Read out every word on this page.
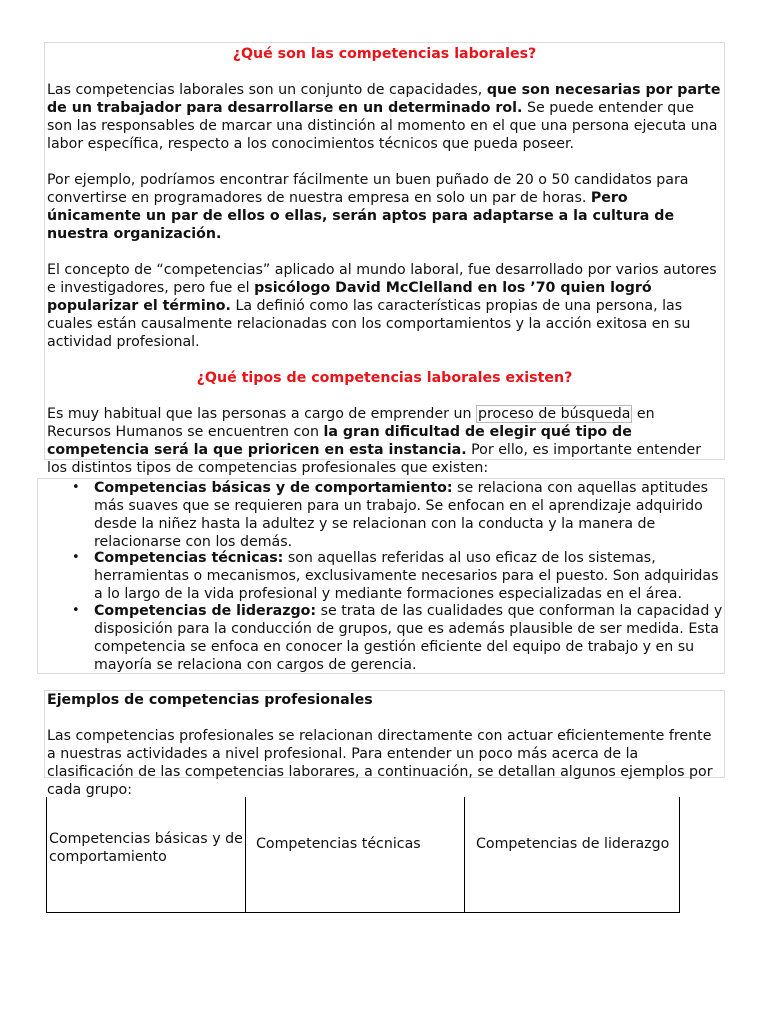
¿Qué son las competencias laborales?

Las competencias laborales son un conjunto de capacidades, que son necesarias por parte de un trabajador para desarrollarse en un determinado rol. Se puede entender que son las responsables de marcar una distinción al momento en el que una persona ejecuta una labor específica, respecto a los conocimientos técnicos que pueda poseer.

Por ejemplo, podríamos encontrar fácilmente un buen puñado de 20 o 50 candidatos para convertirse en programadores de nuestra empresa en solo un par de horas. Pero únicamente un par de ellos o ellas, serán aptos para adaptarse a la cultura de nuestra organización.

El concepto de “competencias” aplicado al mundo laboral, fue desarrollado por varios autores e investigadores, pero fue el psicólogo David McClelland en los ’70 quien logró popularizar el término. La definió como las características propias de una persona, las cuales están causalmente relacionadas con los comportamientos y la acción exitosa en su actividad profesional.

¿Qué tipos de competencias laborales existen?

Es muy habitual que las personas a cargo de emprender un proceso de búsqueda en Recursos Humanos se encuentren con la gran dificultad de elegir qué tipo de competencia será la que prioricen en esta instancia. Por ello, es importante entender los distintos tipos de competencias profesionales que existen:

• Competencias básicas y de comportamiento: se relaciona con aquellas aptitudes más suaves que se requieren para un trabajo. Se enfocan en el aprendizaje adquirido desde la niñez hasta la adultez y se relacionan con la conducta y la manera de relacionarse con los demás.
• Competencias técnicas: son aquellas referidas al uso eficaz de los sistemas, herramientas o mecanismos, exclusivamente necesarios para el puesto. Son adquiridas a lo largo de la vida profesional y mediante formaciones especializadas en el área.
• Competencias de liderazgo: se trata de las cualidades que conforman la capacidad y disposición para la conducción de grupos, que es además plausible de ser medida. Esta competencia se enfoca en conocer la gestión eficiente del equipo de trabajo y en su mayoría se relaciona con cargos de gerencia.

Ejemplos de competencias profesionales

Las competencias profesionales se relacionan directamente con actuar eficientemente frente a nuestras actividades a nivel profesional. Para entender un poco más acerca de la clasificación de las competencias laborares, a continuación, se detallan algunos ejemplos por cada grupo:

Competencias básicas y de comportamiento	Competencias técnicas	Competencias de liderazgo
